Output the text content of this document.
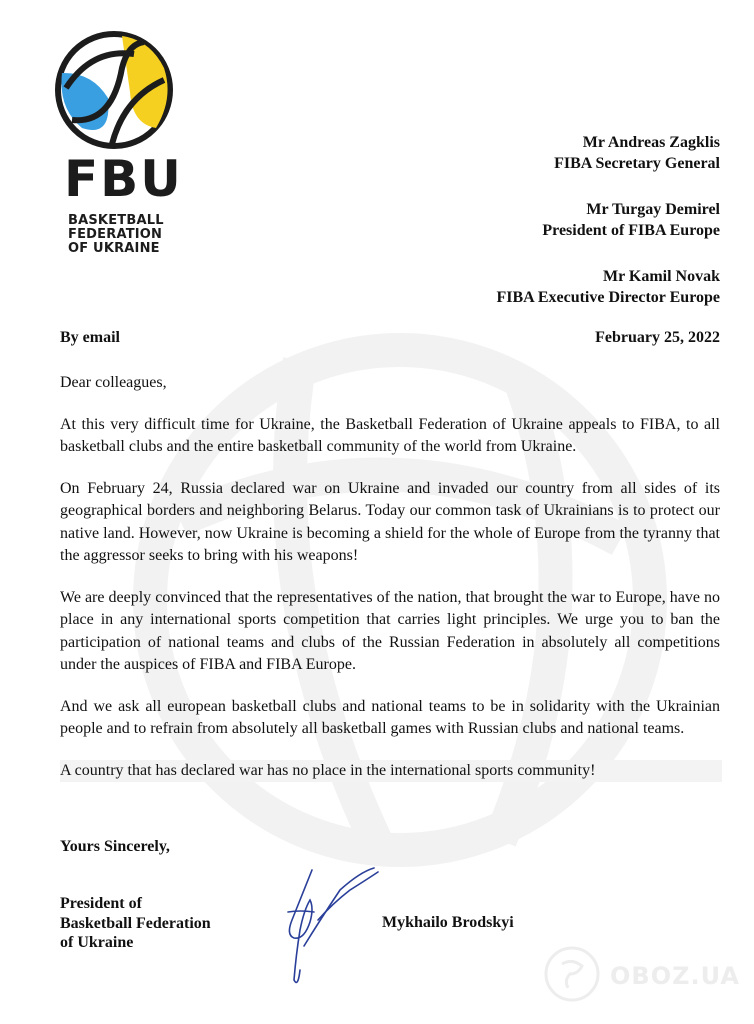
FBU
BASKETBALL
FEDERATION
OF UKRAINE
Mr Andreas Zagklis
FIBA Secretary General
Mr Turgay Demirel
President of FIBA Europe
Mr Kamil Novak
FIBA Executive Director Europe
By email	February 25, 2022

Dear colleagues,

At this very difficult time for Ukraine, the Basketball Federation of Ukraine appeals to FIBA, to all basketball clubs and the entire basketball community of the world from Ukraine.

On February 24, Russia declared war on Ukraine and invaded our country from all sides of its geographical borders and neighboring Belarus. Today our common task of Ukrainians is to protect our native land. However, now Ukraine is becoming a shield for the whole of Europe from the tyranny that the aggressor seeks to bring with his weapons!

We are deeply convinced that the representatives of the nation, that brought the war to Europe, have no place in any international sports competition that carries light principles. We urge you to ban the participation of national teams and clubs of the Russian Federation in absolutely all competitions under the auspices of FIBA and FIBA Europe.

And we ask all european basketball clubs and national teams to be in solidarity with the Ukrainian people and to refrain from absolutely all basketball games with Russian clubs and national teams.

A country that has declared war has no place in the international sports community!

Yours Sincerely,
President of
Basketball Federation
of Ukraine
Mykhailo Brodskyi
OBOZ.UA
